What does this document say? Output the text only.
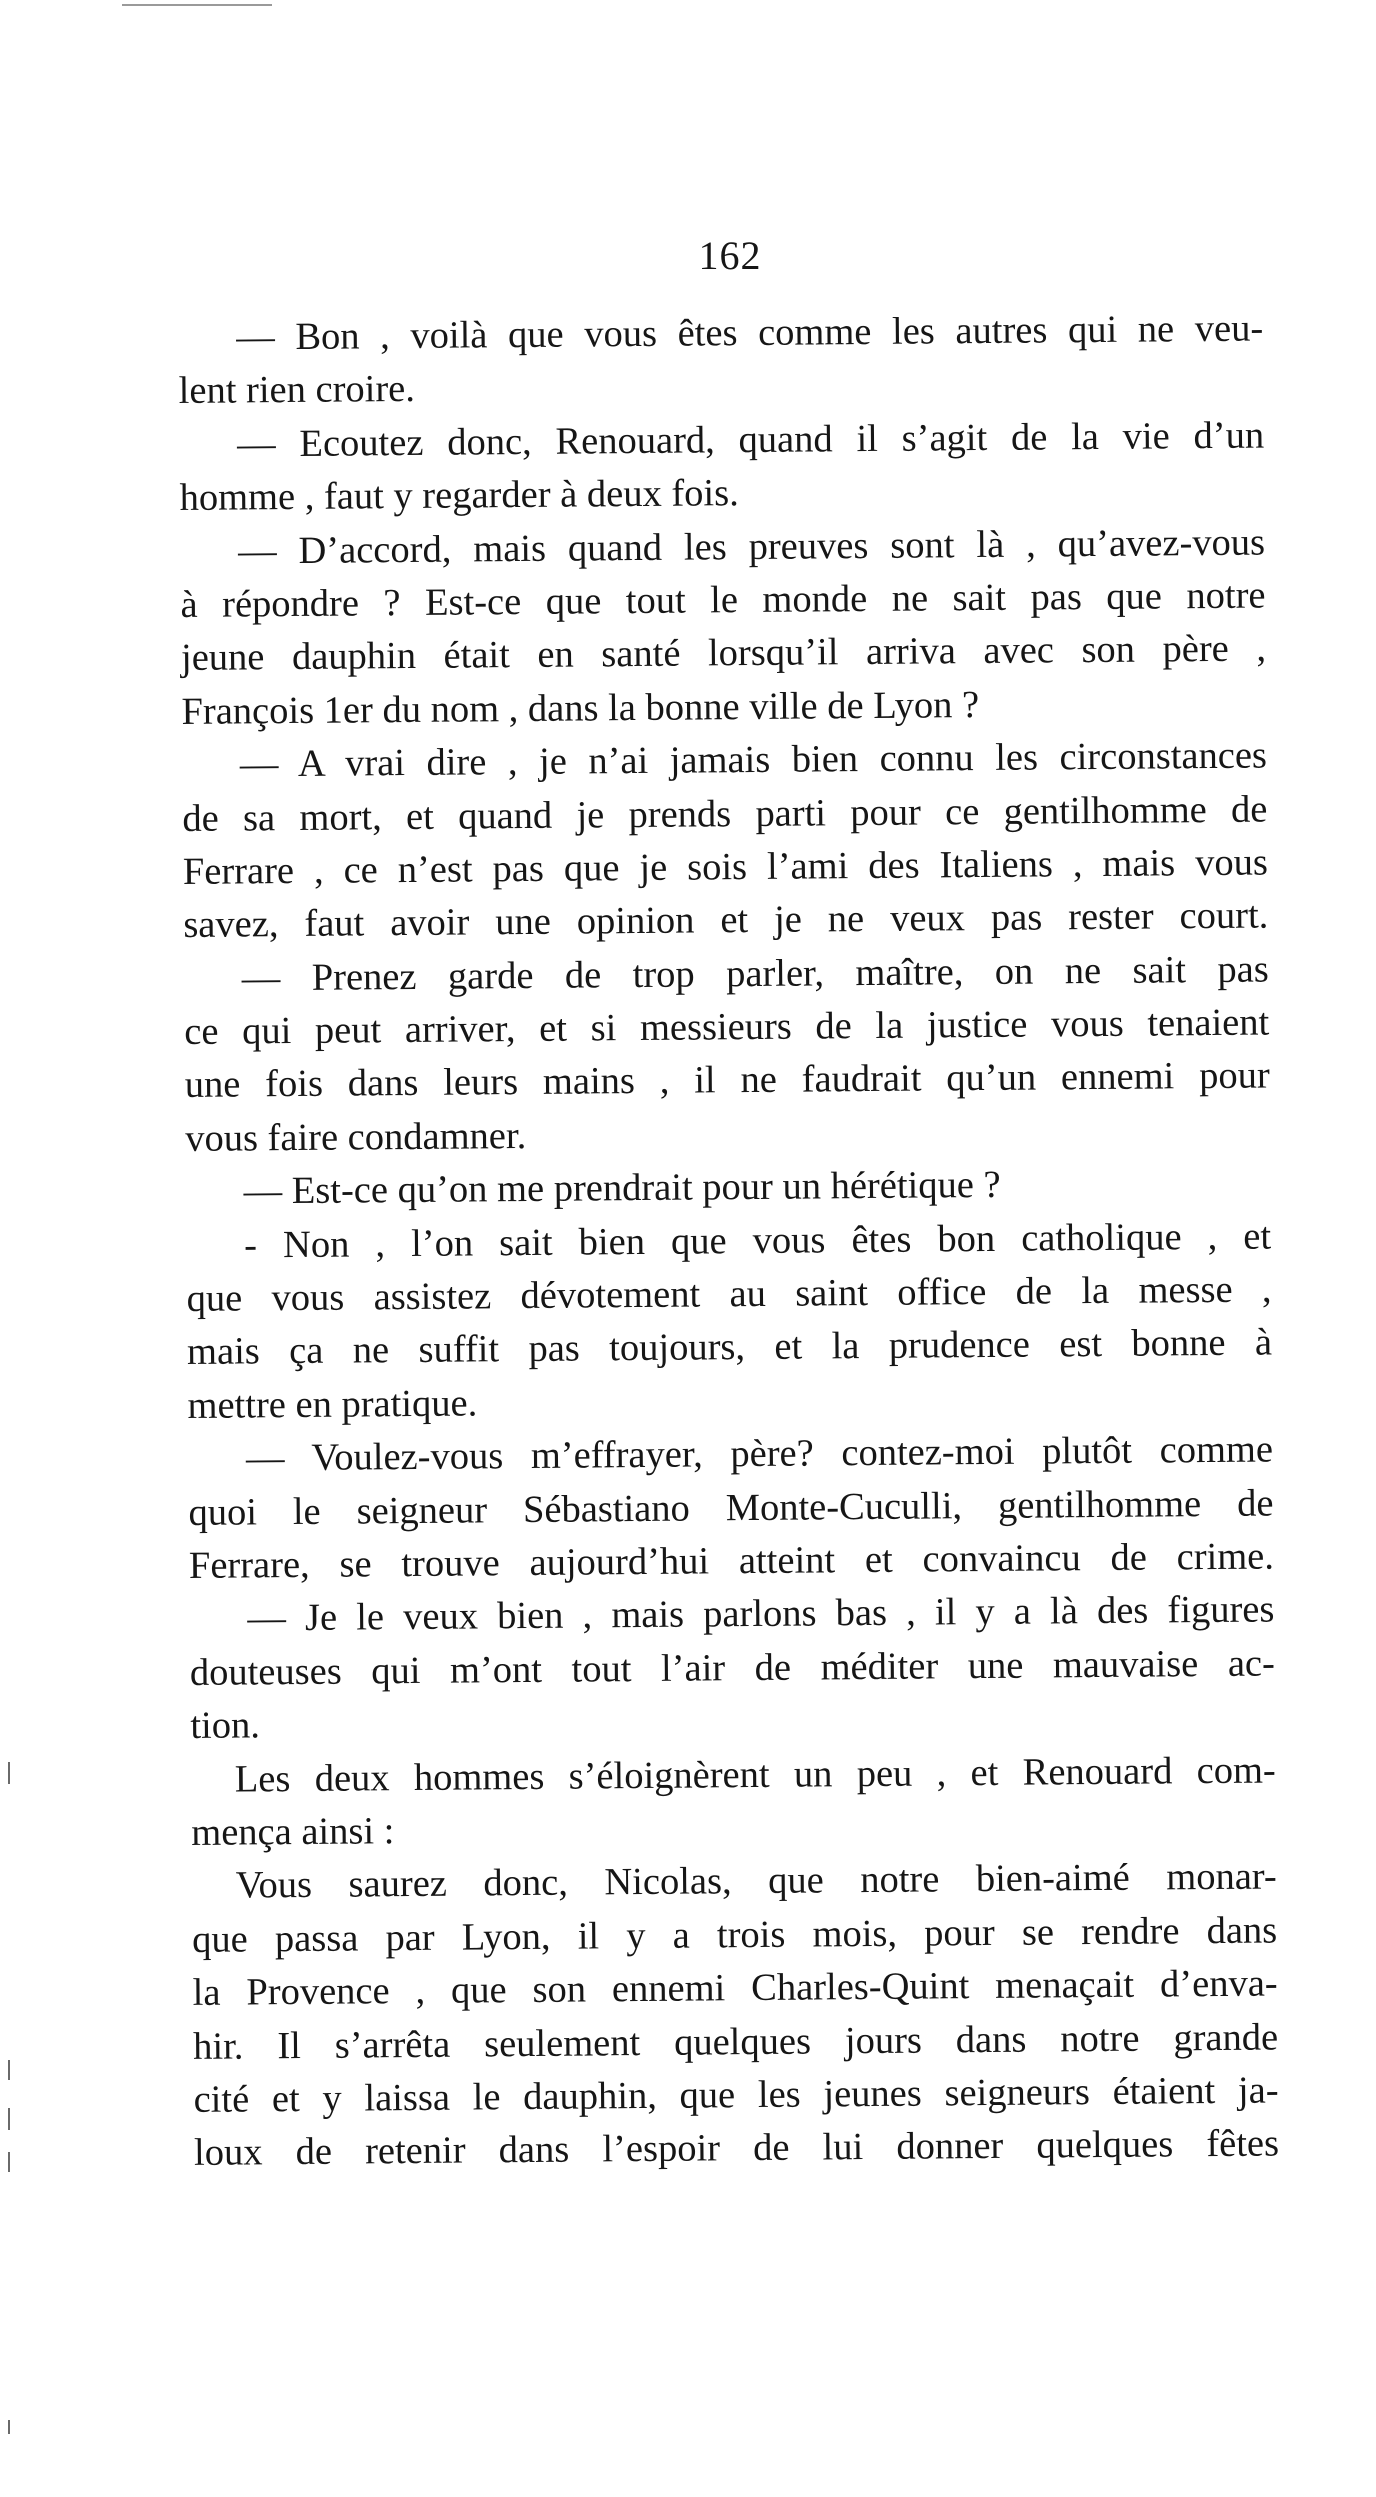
162
— Bon , voilà que vous êtes comme les autres qui ne veu-
lent rien croire.
— Ecoutez donc, Renouard, quand il s’agit de la vie d’un
homme , faut y regarder à deux fois.
— D’accord, mais quand les preuves sont là , qu’avez-vous
à répondre ? Est-ce que tout le monde ne sait pas que notre
jeune dauphin était en santé lorsqu’il arriva avec son père ,
François 1er du nom , dans la bonne ville de Lyon ?
— A vrai dire , je n’ai jamais bien connu les circonstances
de sa mort, et quand je prends parti pour ce gentilhomme de
Ferrare , ce n’est pas que je sois l’ami des Italiens , mais vous
savez, faut avoir une opinion et je ne veux pas rester court.
— Prenez garde de trop parler, maître, on ne sait pas
ce qui peut arriver, et si messieurs de la justice vous tenaient
une fois dans leurs mains , il ne faudrait qu’un ennemi pour
vous faire condamner.
— Est-ce qu’on me prendrait pour un hérétique ?
- Non , l’on sait bien que vous êtes bon catholique , et
que vous assistez dévotement au saint office de la messe ,
mais ça ne suffit pas toujours, et la prudence est bonne à
mettre en pratique.
— Voulez-vous m’effrayer, père? contez-moi plutôt comme
quoi le seigneur Sébastiano Monte-Cuculli, gentilhomme de
Ferrare, se trouve aujourd’hui atteint et convaincu de crime.
— Je le veux bien , mais parlons bas , il y a là des figures
douteuses qui m’ont tout l’air de méditer une mauvaise ac-
tion.
Les deux hommes s’éloignèrent un peu , et Renouard com-
mença ainsi :
Vous saurez donc, Nicolas, que notre bien-aimé monar-
que passa par Lyon, il y a trois mois, pour se rendre dans
la Provence , que son ennemi Charles-Quint menaçait d’enva-
hir. Il s’arrêta seulement quelques jours dans notre grande
cité et y laissa le dauphin, que les jeunes seigneurs étaient ja-
loux de retenir dans l’espoir de lui donner quelques fêtes
